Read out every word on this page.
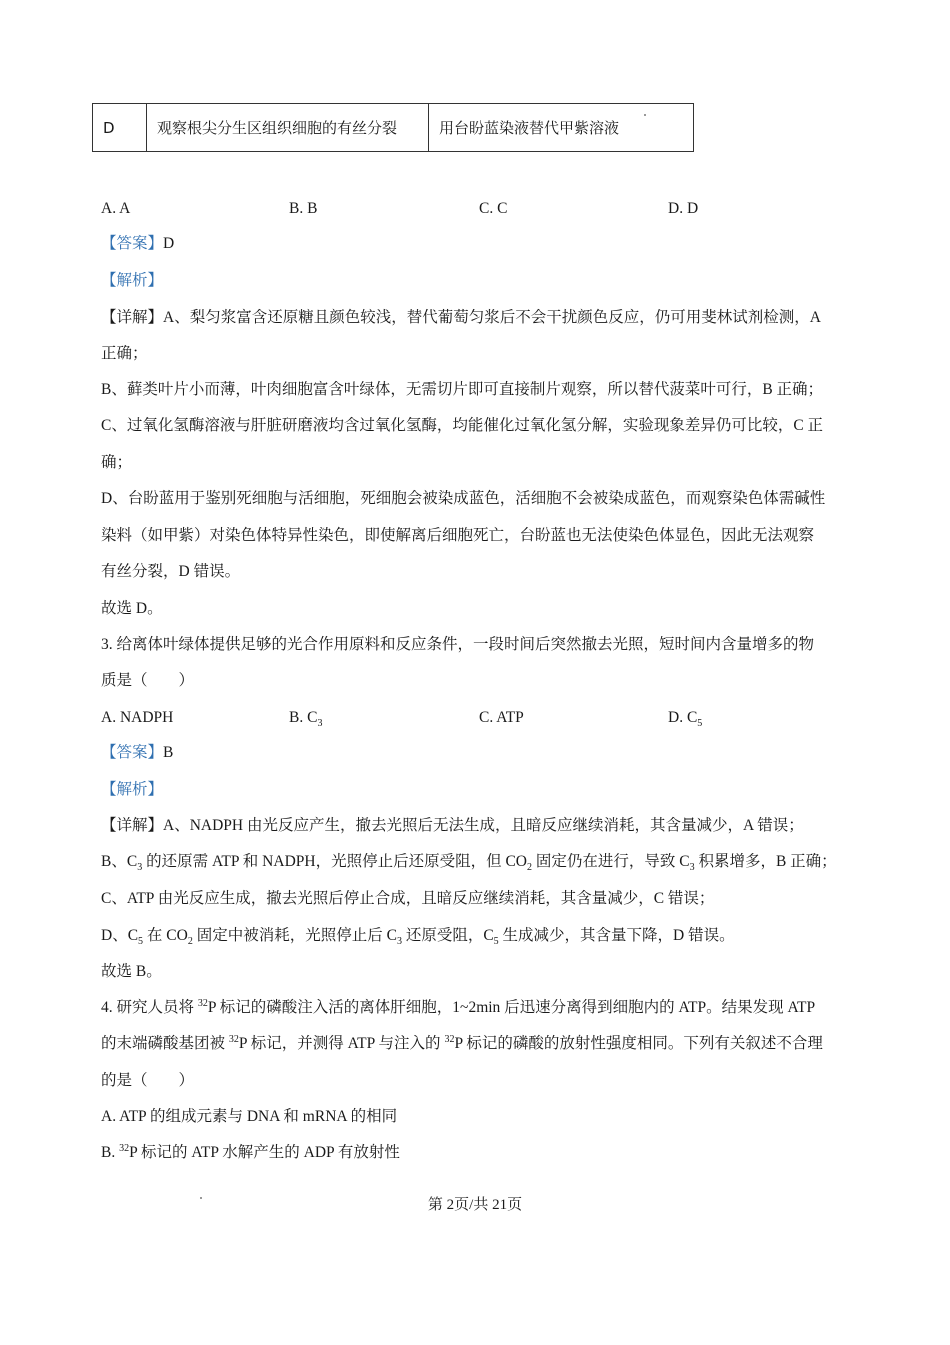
D	观察根尖分生区组织细胞的有丝分裂	用台盼蓝染液替代甲紫溶液
A. A	B. B	C. C	D. D
【答案】D
【解析】
【详解】A、梨匀浆富含还原糖且颜色较浅，替代葡萄匀浆后不会干扰颜色反应，仍可用斐林试剂检测，A
正确；
B、藓类叶片小而薄，叶肉细胞富含叶绿体，无需切片即可直接制片观察，所以替代菠菜叶可行，B 正确；
C、过氧化氢酶溶液与肝脏研磨液均含过氧化氢酶，均能催化过氧化氢分解，实验现象差异仍可比较，C 正
确；
D、台盼蓝用于鉴别死细胞与活细胞，死细胞会被染成蓝色，活细胞不会被染成蓝色，而观察染色体需碱性
染料（如甲紫）对染色体特异性染色，即使解离后细胞死亡，台盼蓝也无法使染色体显色，因此无法观察
有丝分裂，D 错误。
故选 D。
3. 给离体叶绿体提供足够的光合作用原料和反应条件，一段时间后突然撤去光照，短时间内含量增多的物
质是（　　）
A. NADPH	B. $C_3$	C. ATP	D. $C_5$
【答案】B
【解析】
【详解】A、NADPH 由光反应产生，撤去光照后无法生成，且暗反应继续消耗，其含量减少，A 错误；
B、$C_3$ 的还原需 ATP 和 NADPH，光照停止后还原受阻，但 $CO_2$ 固定仍在进行，导致 $C_3$ 积累增多，B 正确；
C、ATP 由光反应生成，撤去光照后停止合成，且暗反应继续消耗，其含量减少，C 错误；
D、$C_5$ 在 $CO_2$ 固定中被消耗，光照停止后 $C_3$ 还原受阻，$C_5$ 生成减少，其含量下降，D 错误。
故选 B。
4. 研究人员将 $^{32}$P 标记的磷酸注入活的离体肝细胞，1~2min 后迅速分离得到细胞内的 ATP。结果发现 ATP
的末端磷酸基团被 $^{32}$P 标记，并测得 ATP 与注入的 $^{32}$P 标记的磷酸的放射性强度相同。下列有关叙述不合理
的是（　　）
A. ATP 的组成元素与 DNA 和 mRNA 的相同
B. $^{32}$P 标记的 ATP 水解产生的 ADP 有放射性
第 2页/共 21页
